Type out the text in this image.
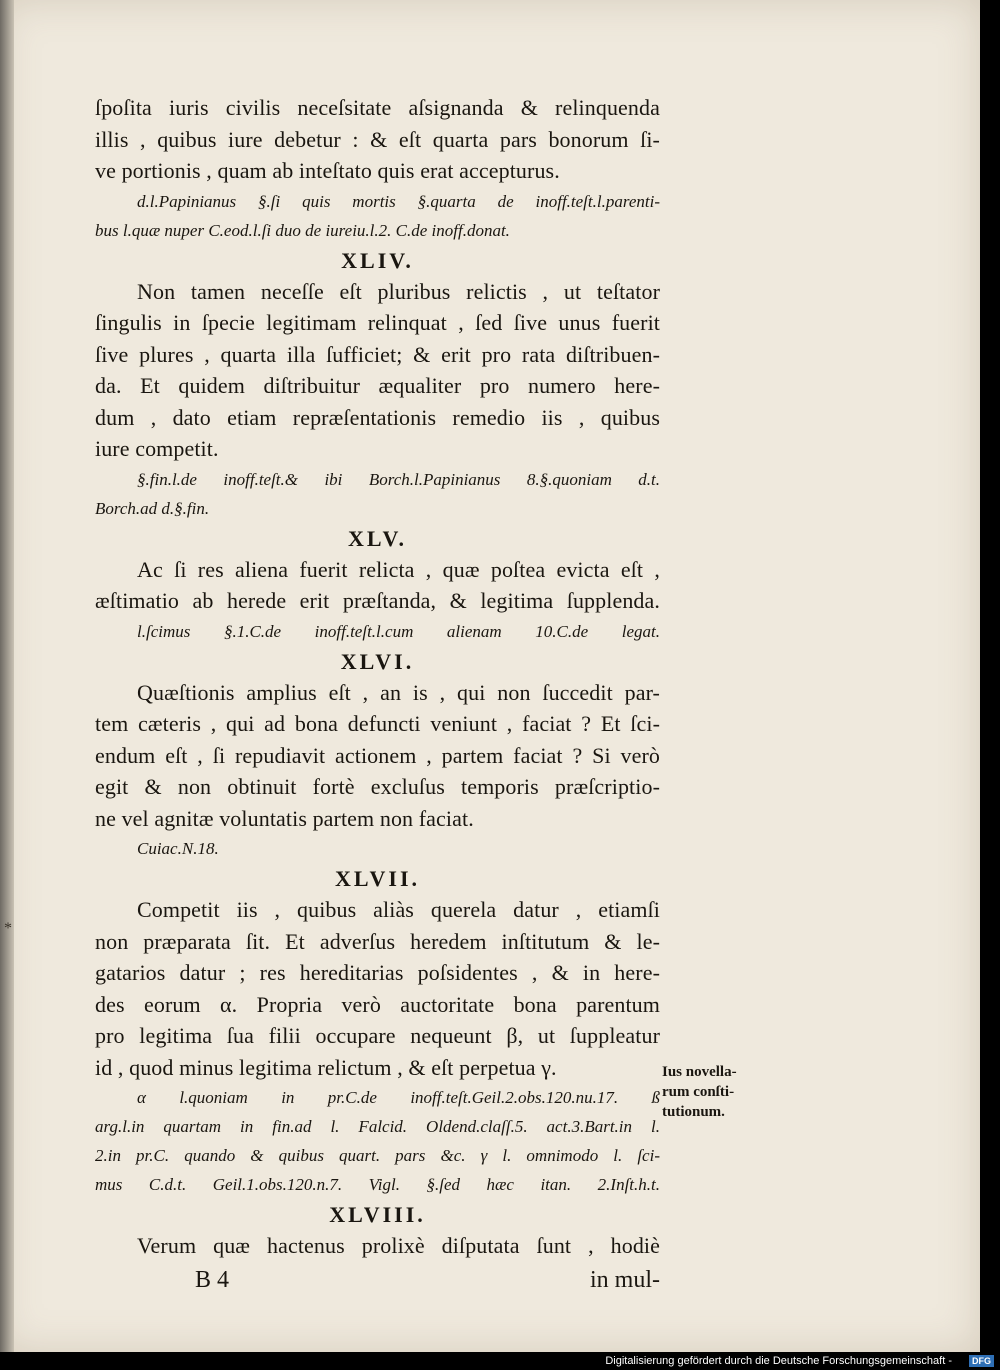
ſpoſita iuris civilis neceſsitate aſsignanda & relinquenda
illis , quibus iure debetur : & eſt quarta pars bonorum ſi-
ve portionis , quam ab inteſtato quis erat accepturus.
d.l.Papinianus §.ſi quis mortis §.quarta de inoff.teſt.l.parenti-
bus l.quæ nuper C.eod.l.ſi duo de iureiu.l.2. C.de inoff.donat.
XLIV.
Non tamen neceſſe eſt pluribus relictis , ut teſtator
ſingulis in ſpecie legitimam relinquat , ſed ſive unus fuerit
ſive plures , quarta illa ſufficiet; & erit pro rata diſtribuen-
da. Et quidem diſtribuitur æqualiter pro numero here-
dum , dato etiam repræſentationis remedio iis , quibus
iure competit.
§.fin.l.de inoff.teſt.& ibi Borch.l.Papinianus 8.§.quoniam d.t.
Borch.ad d.§.fin.
XLV.
Ac ſi res aliena fuerit relicta , quæ poſtea evicta eſt ,
æſtimatio ab herede erit præſtanda, & legitima ſupplenda.
l.ſcimus §.1.C.de inoff.teſt.l.cum alienam 10.C.de legat.
XLVI.
Quæſtionis amplius eſt , an is , qui non ſuccedit par-
tem cæteris , qui ad bona defuncti veniunt , faciat ? Et ſci-
endum eſt , ſi repudiavit actionem , partem faciat ? Si verò
egit & non obtinuit fortè excluſus temporis præſcriptio-
ne vel agnitæ voluntatis partem non faciat.
Cuiac.N.18.
XLVII.
Competit iis , quibus aliàs querela datur , etiamſi
non præparata ſit. Et adverſus heredem inſtitutum & le-
gatarios datur ; res hereditarias poſsidentes , & in here-
des eorum α. Propria verò auctoritate bona parentum
pro legitima ſua filii occupare nequeunt β, ut ſuppleatur
id , quod minus legitima relictum , & eſt perpetua γ.
α l.quoniam in pr.C.de inoff.teſt.Geil.2.obs.120.nu.17. ß
arg.l.in quartam in fin.ad l. Falcid. Oldend.claſſ.5. act.3.Bart.in l.
2.in pr.C. quando & quibus quart. pars &c. γ l. omnimodo l. ſci-
mus C.d.t. Geil.1.obs.120.n.7. Vigl. §.ſed hæc itan. 2.Inſt.h.t.
XLVIII.
Verum quæ hactenus prolixè diſputata ſunt , hodiè
B 4	in mul-
Ius novella-
rum conſti-
tutionum.
*
Digitalisierung gefördert durch die Deutsche Forschungsgemeinschaft -	DFG
